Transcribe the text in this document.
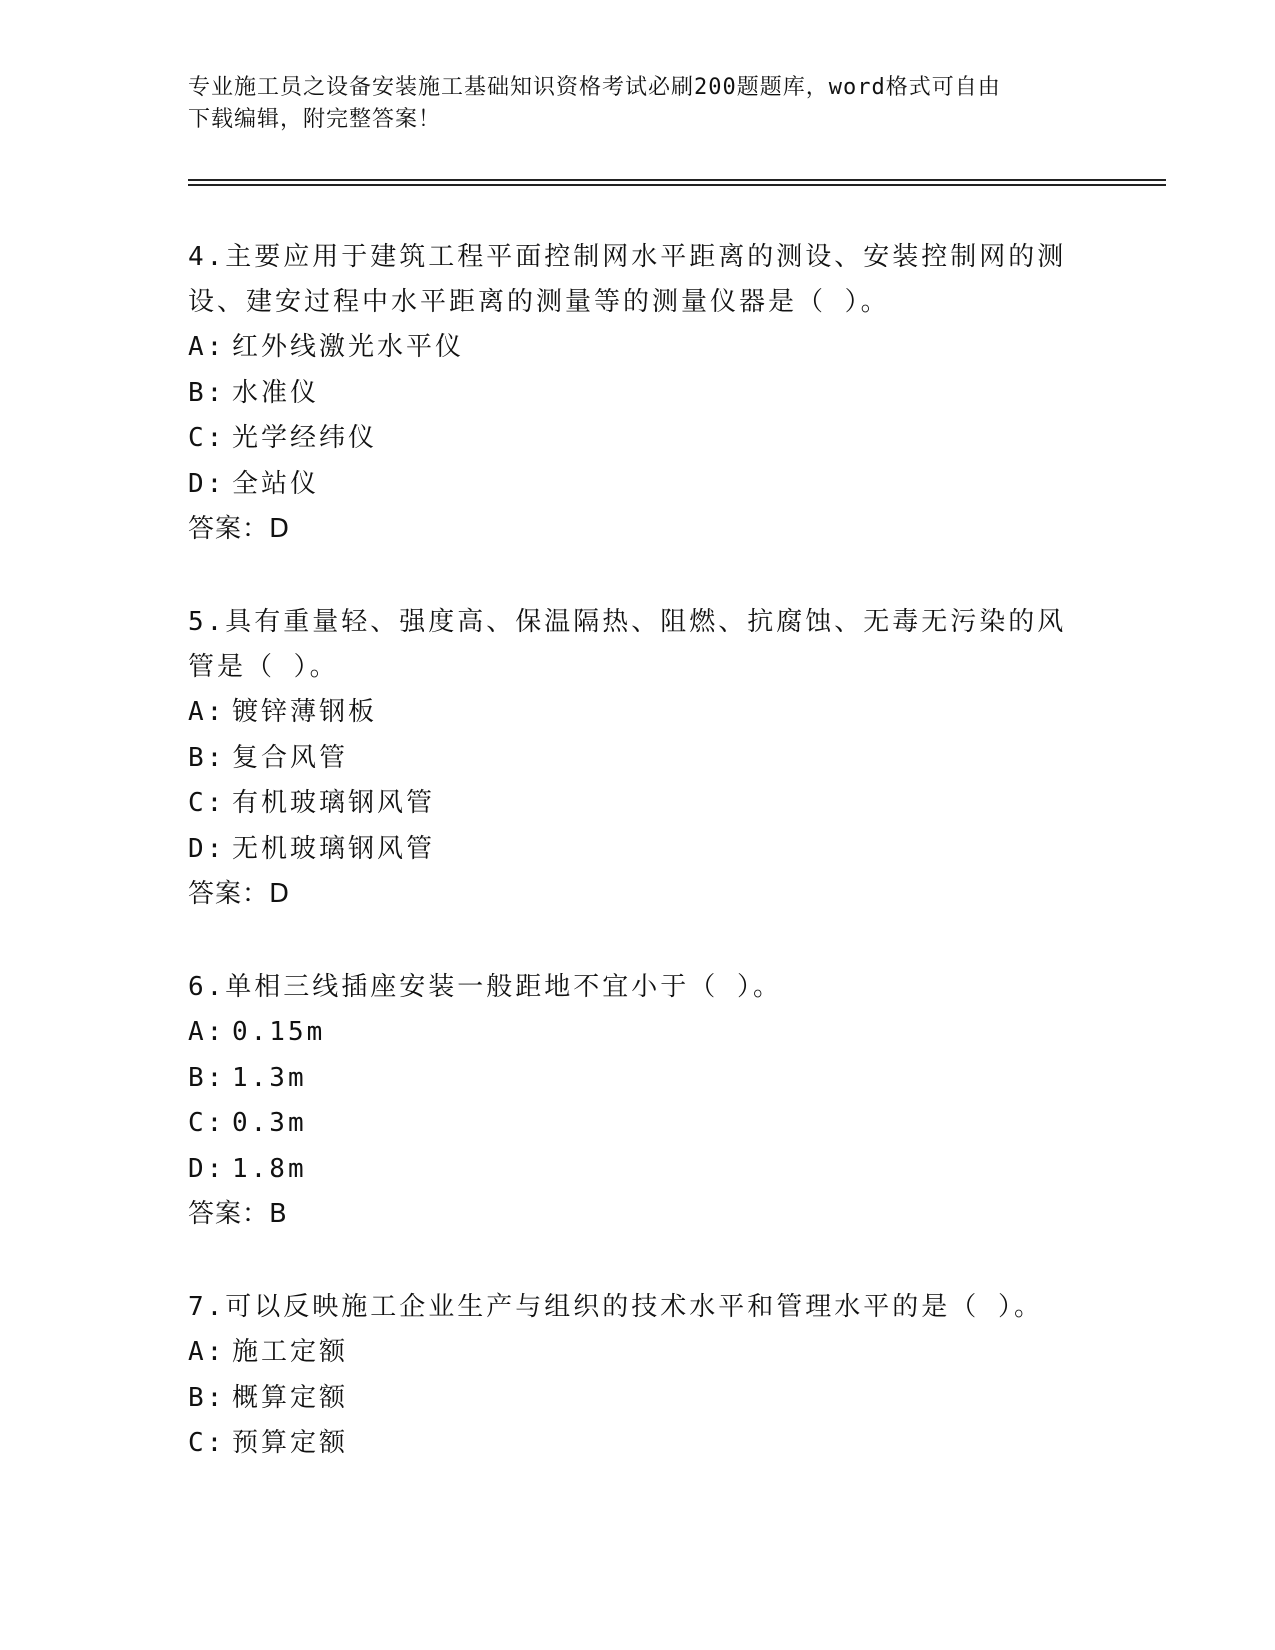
专业施工员之设备安装施工基础知识资格考试必刷200题题库，word格式可自由
下载编辑，附完整答案！

4.主要应用于建筑工程平面控制网水平距离的测设、安装控制网的测

设、建安过程中水平距离的测量等的测量仪器是（ ）。

A: 红外线激光水平仪

B: 水准仪

C: 光学经纬仪

D: 全站仪

答案：D

5.具有重量轻、强度高、保温隔热、阻燃、抗腐蚀、无毒无污染的风

管是（ ）。

A: 镀锌薄钢板

B: 复合风管

C: 有机玻璃钢风管

D: 无机玻璃钢风管

答案：D

6.单相三线插座安装一般距地不宜小于（ ）。

A: 0.15m

B: 1.3m

C: 0.3m

D: 1.8m

答案：B

7.可以反映施工企业生产与组织的技术水平和管理水平的是（ ）。

A: 施工定额

B: 概算定额

C: 预算定额
